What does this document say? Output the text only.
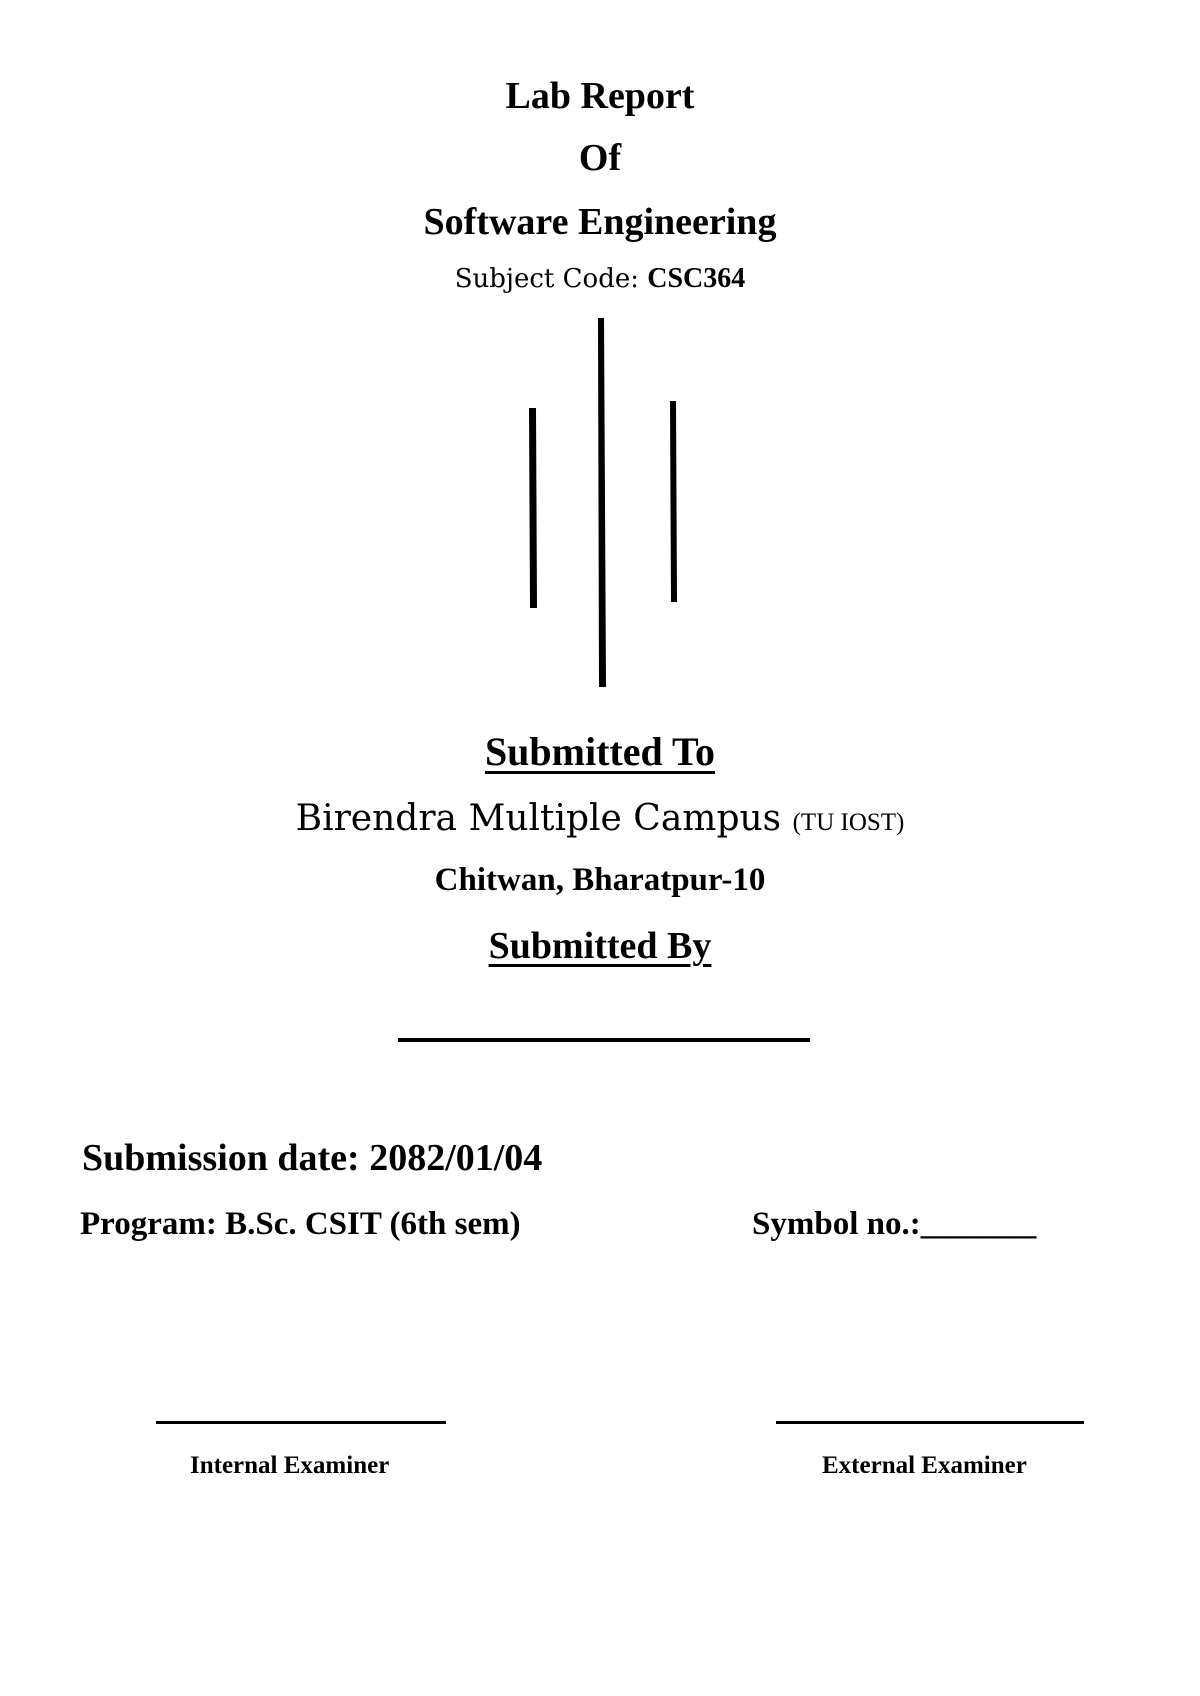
Lab Report
Of
Software Engineering
Subject Code: CSC364
Submitted To
Birendra Multiple Campus (TU IOST)
Chitwan, Bharatpur-10
Submitted By
Submission date: 2082/01/04
Program: B.Sc. CSIT (6th sem)	Symbol no.:_______
Internal Examiner	External Examiner
